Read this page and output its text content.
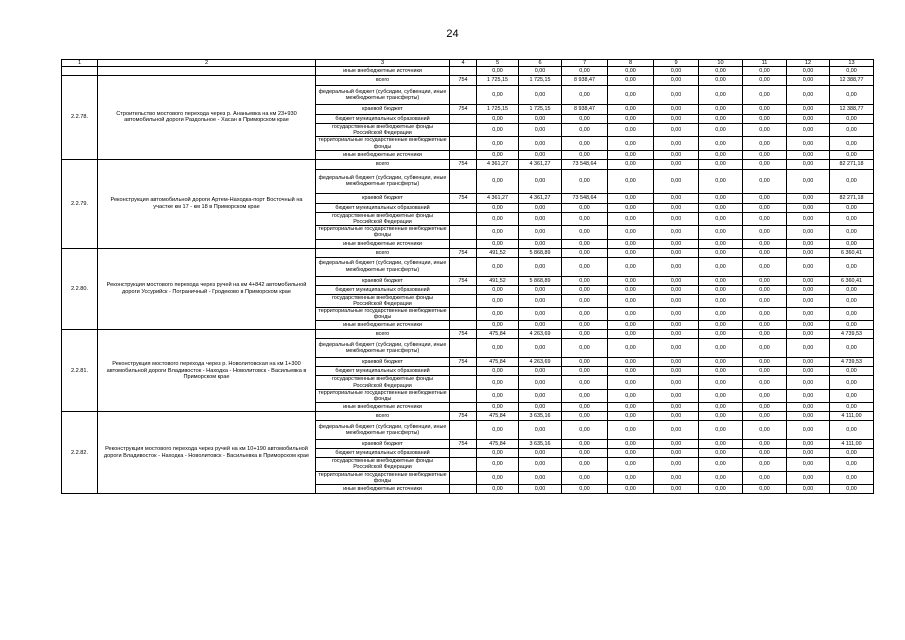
24
1	2	3	4	5	6	7	8	9	10	11	12	13
		иные внебюджетные источники		0,00	0,00	0,00	0,00	0,00	0,00	0,00	0,00	0,00
2.2.78.	Строительство мостового перехода через р. Ананьевка на км 23+930 автомобильной дороги Раздольное - Хасан в Приморском крае	всего	754	1 725,15	1 725,15	8 938,47	0,00	0,00	0,00	0,00	0,00	12 388,77
		федеральный бюджет (субсидии, субвенции, иные межбюджетные трансферты)		0,00	0,00	0,00	0,00	0,00	0,00	0,00	0,00	0,00
		краевой бюджет	754	1 725,15	1 725,15	8 938,47	0,00	0,00	0,00	0,00	0,00	12 388,77
		бюджет муниципальных образований		0,00	0,00	0,00	0,00	0,00	0,00	0,00	0,00	0,00
		государственные внебюджетные фонды Российской Федерации		0,00	0,00	0,00	0,00	0,00	0,00	0,00	0,00	0,00
		территориальные государственные внебюджетные фонды		0,00	0,00	0,00	0,00	0,00	0,00	0,00	0,00	0,00
		иные внебюджетные источники		0,00	0,00	0,00	0,00	0,00	0,00	0,00	0,00	0,00
2.2.79.	Реконструкция автомобильной дороги Артем-Находка-порт Восточный на участке км 17 - км 18 в Приморском крае	всего	754	4 361,27	4 361,27	73 548,64	0,00	0,00	0,00	0,00	0,00	82 271,18
		федеральный бюджет (субсидии, субвенции, иные межбюджетные трансферты)		0,00	0,00	0,00	0,00	0,00	0,00	0,00	0,00	0,00
		краевой бюджет	754	4 361,27	4 361,27	73 548,64	0,00	0,00	0,00	0,00	0,00	82 271,18
		бюджет муниципальных образований		0,00	0,00	0,00	0,00	0,00	0,00	0,00	0,00	0,00
		государственные внебюджетные фонды Российской Федерации		0,00	0,00	0,00	0,00	0,00	0,00	0,00	0,00	0,00
		территориальные государственные внебюджетные фонды		0,00	0,00	0,00	0,00	0,00	0,00	0,00	0,00	0,00
		иные внебюджетные источники		0,00	0,00	0,00	0,00	0,00	0,00	0,00	0,00	0,00
2.2.80.	Реконструкция мостового перехода через ручей на км 4+842 автомобильной дороги Уссурийск - Пограничный - Гродеково в Приморском крае	всего	754	491,52	5 868,89	0,00	0,00	0,00	0,00	0,00	0,00	6 360,41
		федеральный бюджет (субсидии, субвенции, иные межбюджетные трансферты)		0,00	0,00	0,00	0,00	0,00	0,00	0,00	0,00	0,00
		краевой бюджет	754	491,52	5 868,89	0,00	0,00	0,00	0,00	0,00	0,00	6 360,41
		бюджет муниципальных образований		0,00	0,00	0,00	0,00	0,00	0,00	0,00	0,00	0,00
		государственные внебюджетные фонды Российской Федерации		0,00	0,00	0,00	0,00	0,00	0,00	0,00	0,00	0,00
		территориальные государственные внебюджетные фонды		0,00	0,00	0,00	0,00	0,00	0,00	0,00	0,00	0,00
		иные внебюджетные источники		0,00	0,00	0,00	0,00	0,00	0,00	0,00	0,00	0,00
2.2.81.	Реконструкция мостового перехода через р. Новолитовская на км 1+300 автомобильной дороги Владивосток - Находка - Новолитовск - Васильевка в Приморском крае	всего	754	475,84	4 263,69	0,00	0,00	0,00	0,00	0,00	0,00	4 739,53
		федеральный бюджет (субсидии, субвенции, иные межбюджетные трансферты)		0,00	0,00	0,00	0,00	0,00	0,00	0,00	0,00	0,00
		краевой бюджет	754	475,84	4 263,69	0,00	0,00	0,00	0,00	0,00	0,00	4 739,53
		бюджет муниципальных образований		0,00	0,00	0,00	0,00	0,00	0,00	0,00	0,00	0,00
		государственные внебюджетные фонды Российской Федерации		0,00	0,00	0,00	0,00	0,00	0,00	0,00	0,00	0,00
		территориальные государственные внебюджетные фонды		0,00	0,00	0,00	0,00	0,00	0,00	0,00	0,00	0,00
		иные внебюджетные источники		0,00	0,00	0,00	0,00	0,00	0,00	0,00	0,00	0,00
2.2.82.	Реконструкция мостового перехода через ручей на км 10+190 автомобильной дороги Владивосток - Находка - Новолитовск - Васильевка в Приморском крае	всего	754	475,84	3 635,16	0,00	0,00	0,00	0,00	0,00	0,00	4 111,00
		федеральный бюджет (субсидии, субвенции, иные межбюджетные трансферты)		0,00	0,00	0,00	0,00	0,00	0,00	0,00	0,00	0,00
		краевой бюджет	754	475,84	3 635,16	0,00	0,00	0,00	0,00	0,00	0,00	4 111,00
		бюджет муниципальных образований		0,00	0,00	0,00	0,00	0,00	0,00	0,00	0,00	0,00
		государственные внебюджетные фонды Российской Федерации		0,00	0,00	0,00	0,00	0,00	0,00	0,00	0,00	0,00
		территориальные государственные внебюджетные фонды		0,00	0,00	0,00	0,00	0,00	0,00	0,00	0,00	0,00
		иные внебюджетные источники		0,00	0,00	0,00	0,00	0,00	0,00	0,00	0,00	0,00
